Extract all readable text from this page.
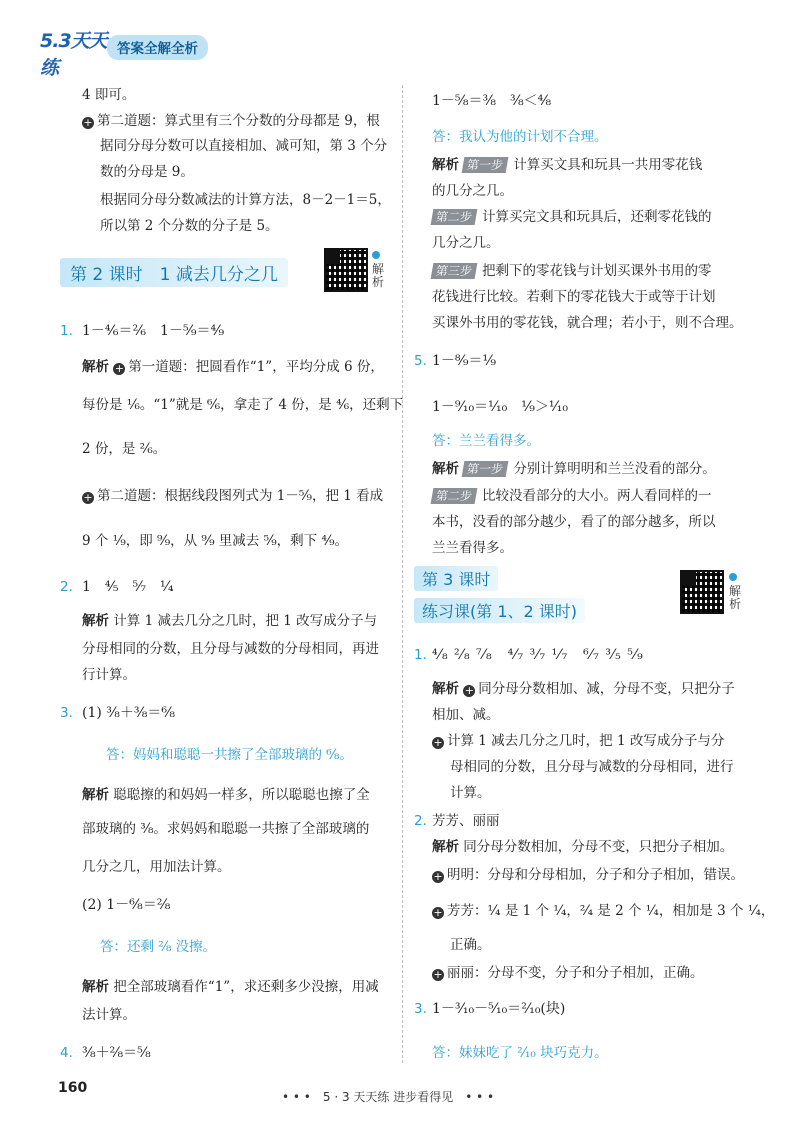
5.3天天练
答案全解全析
4 即可。
+ 第二道题：算式里有三个分数的分母都是 9，根
据同分母分数可以直接相加、减可知，第 3 个分
数的分母是 9。
根据同分母分数减法的计算方法，8－2－1＝5，
所以第 2 个分数的分子是 5。
第 2 课时　1 减去几分之几	解析
1. 1－⁴⁄₆＝²⁄₆　1－⁵⁄₉＝⁴⁄₉
解析 + 第一道题：把圆看作“1”，平均分成 6 份，
每份是 ¹⁄₆。“1”就是 ⁶⁄₆，拿走了 4 份，是 ⁴⁄₆，还剩下
2 份，是 ²⁄₆。
+ 第二道题：根据线段图列式为 1－⁵⁄₉，把 1 看成
9 个 ¹⁄₉，即 ⁹⁄₉，从 ⁹⁄₉ 里减去 ⁵⁄₉，剩下 ⁴⁄₉。
2. 1　⁴⁄₅　⁵⁄₇　¹⁄₄
解析 计算 1 减去几分之几时，把 1 改写成分子与
分母相同的分数，且分母与减数的分母相同，再进
行计算。
3. (1) ³⁄₈＋³⁄₈＝⁶⁄₈
答：妈妈和聪聪一共擦了全部玻璃的 ⁶⁄₈。
解析 聪聪擦的和妈妈一样多，所以聪聪也擦了全
部玻璃的 ³⁄₈。求妈妈和聪聪一共擦了全部玻璃的
几分之几，用加法计算。
(2) 1－⁶⁄₈＝²⁄₈
答：还剩 ²⁄₈ 没擦。
解析 把全部玻璃看作“1”，求还剩多少没擦，用减
法计算。
4. ³⁄₈＋²⁄₈＝⁵⁄₈
1－⁵⁄₈＝³⁄₈　³⁄₈＜⁴⁄₈
答：我认为他的计划不合理。
解析 第一步 计算买文具和玩具一共用零花钱
的几分之几。
第二步 计算买完文具和玩具后，还剩零花钱的
几分之几。
第三步 把剩下的零花钱与计划买课外书用的零
花钱进行比较。若剩下的零花钱大于或等于计划
买课外书用的零花钱，就合理；若小于，则不合理。
5. 1－⁸⁄₉＝¹⁄₉
1－⁹⁄₁₀＝¹⁄₁₀　¹⁄₉＞¹⁄₁₀
答：兰兰看得多。
解析 第一步 分别计算明明和兰兰没看的部分。
第二步 比较没看部分的大小。两人看同样的一
本书，没看的部分越少，看了的部分越多，所以
兰兰看得多。
第 3 课时
练习课(第 1、2 课时)
解析
1. ⁴⁄₈ ²⁄₈ ⁷⁄₈　⁴⁄₇ ³⁄₇ ¹⁄₇　⁶⁄₇ ³⁄₅ ⁵⁄₉
解析 + 同分母分数相加、减，分母不变，只把分子
相加、减。
+ 计算 1 减去几分之几时，把 1 改写成分子与分
母相同的分数，且分母与减数的分母相同，进行
计算。
2. 芳芳、丽丽
解析 同分母分数相加，分母不变，只把分子相加。
+ 明明：分母和分母相加，分子和分子相加，错误。
+ 芳芳：¹⁄₄ 是 1 个 ¹⁄₄，²⁄₄ 是 2 个 ¹⁄₄，相加是 3 个 ¹⁄₄，
正确。
+ 丽丽：分母不变，分子和分子相加，正确。
3. 1－³⁄₁₀－⁵⁄₁₀＝²⁄₁₀(块)
答：妹妹吃了 ²⁄₁₀ 块巧克力。
160
• • •　5 · 3 天天练 进步看得见　• • •
